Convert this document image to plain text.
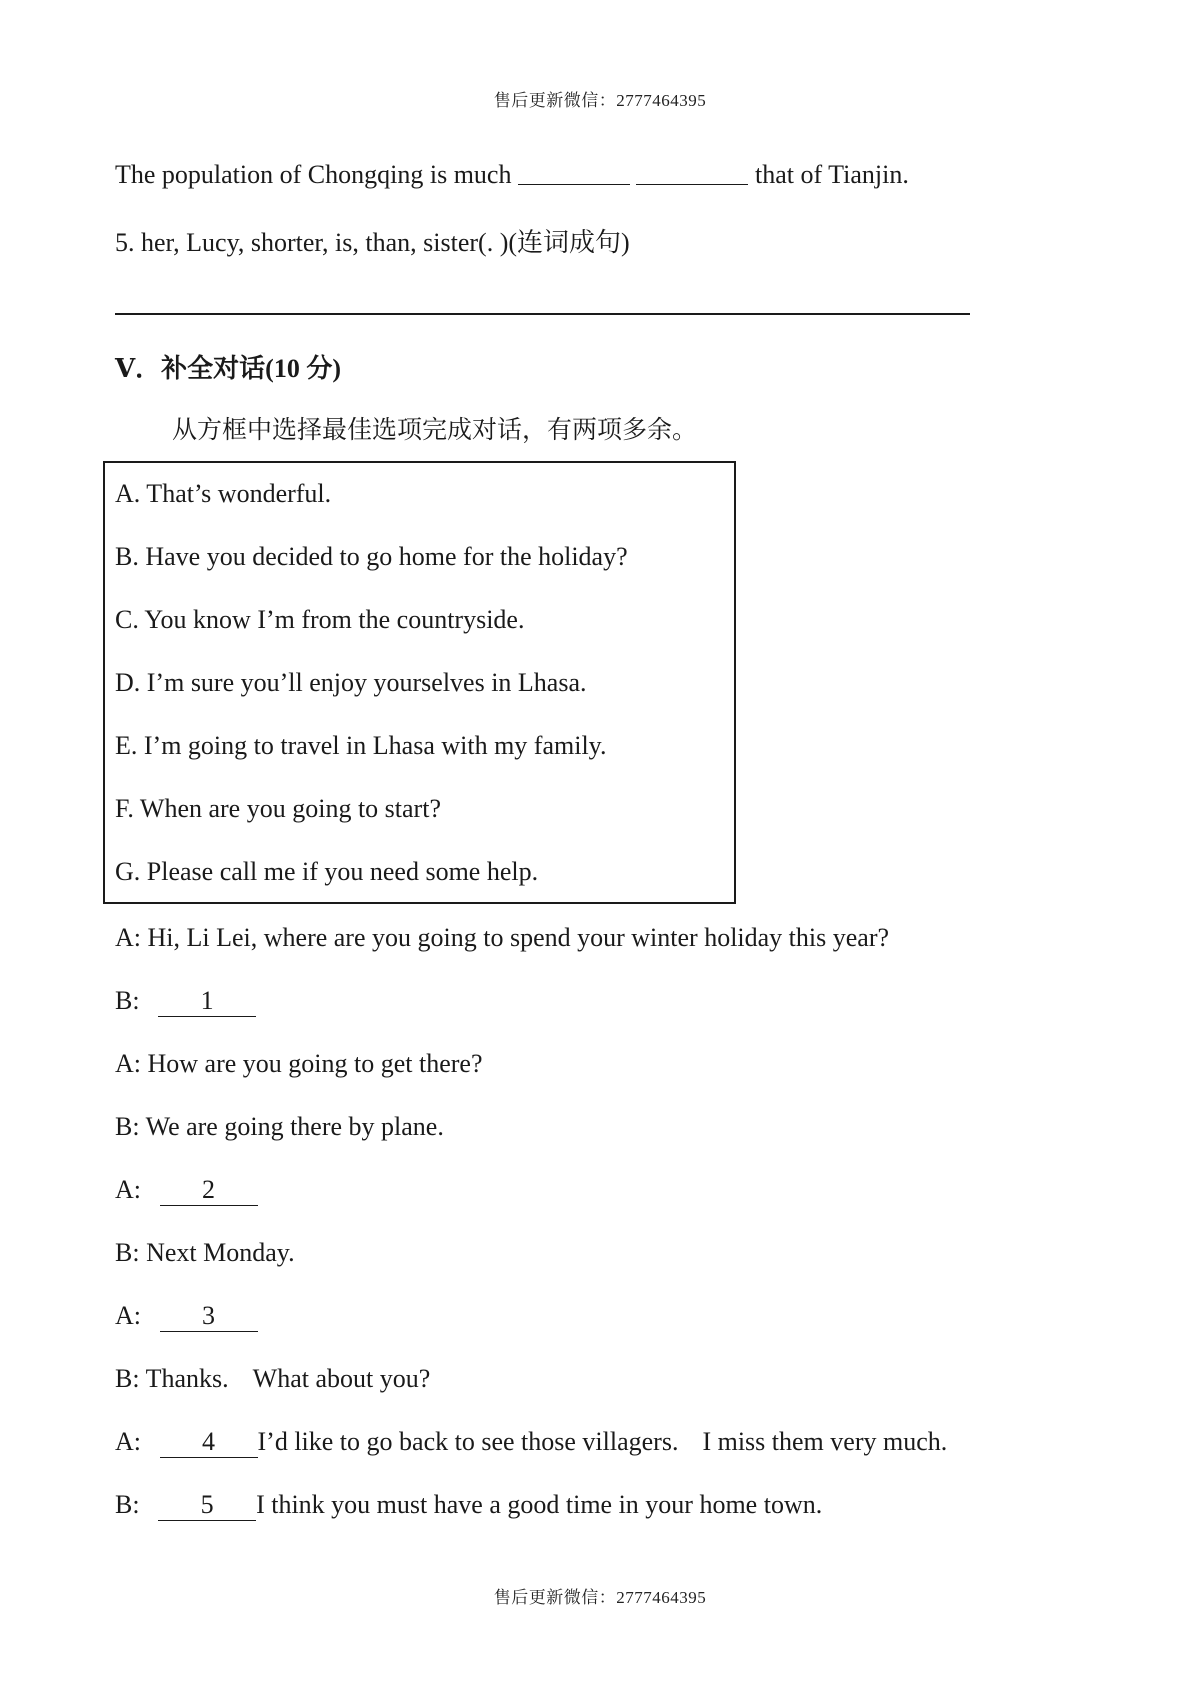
售后更新微信：2777464395
The population of Chongqing is much	that of Tianjin.
5. her, Lucy, shorter, is, than, sister(. )(连词成句)
Ⅴ．补全对话(10 分)
从方框中选择最佳选项完成对话，有两项多余。
A. That’s wonderful.
B. Have you decided to go home for the holiday?
C. You know I’m from the countryside.
D. I’m sure you’ll enjoy yourselves in Lhasa.
E. I’m going to travel in Lhasa with my family.
F. When are you going to start?
G. Please call me if you need some help.
A: Hi, Li Lei, where are you going to spend your winter holiday this year?
B: 1
A: How are you going to get there?
B: We are going there by plane.
A: 2
B: Next Monday.
A: 3
B: Thanks. What about you?
A: 4 I’d like to go back to see those villagers. I miss them very much.
B: 5 I think you must have a good time in your home town.
售后更新微信：2777464395
